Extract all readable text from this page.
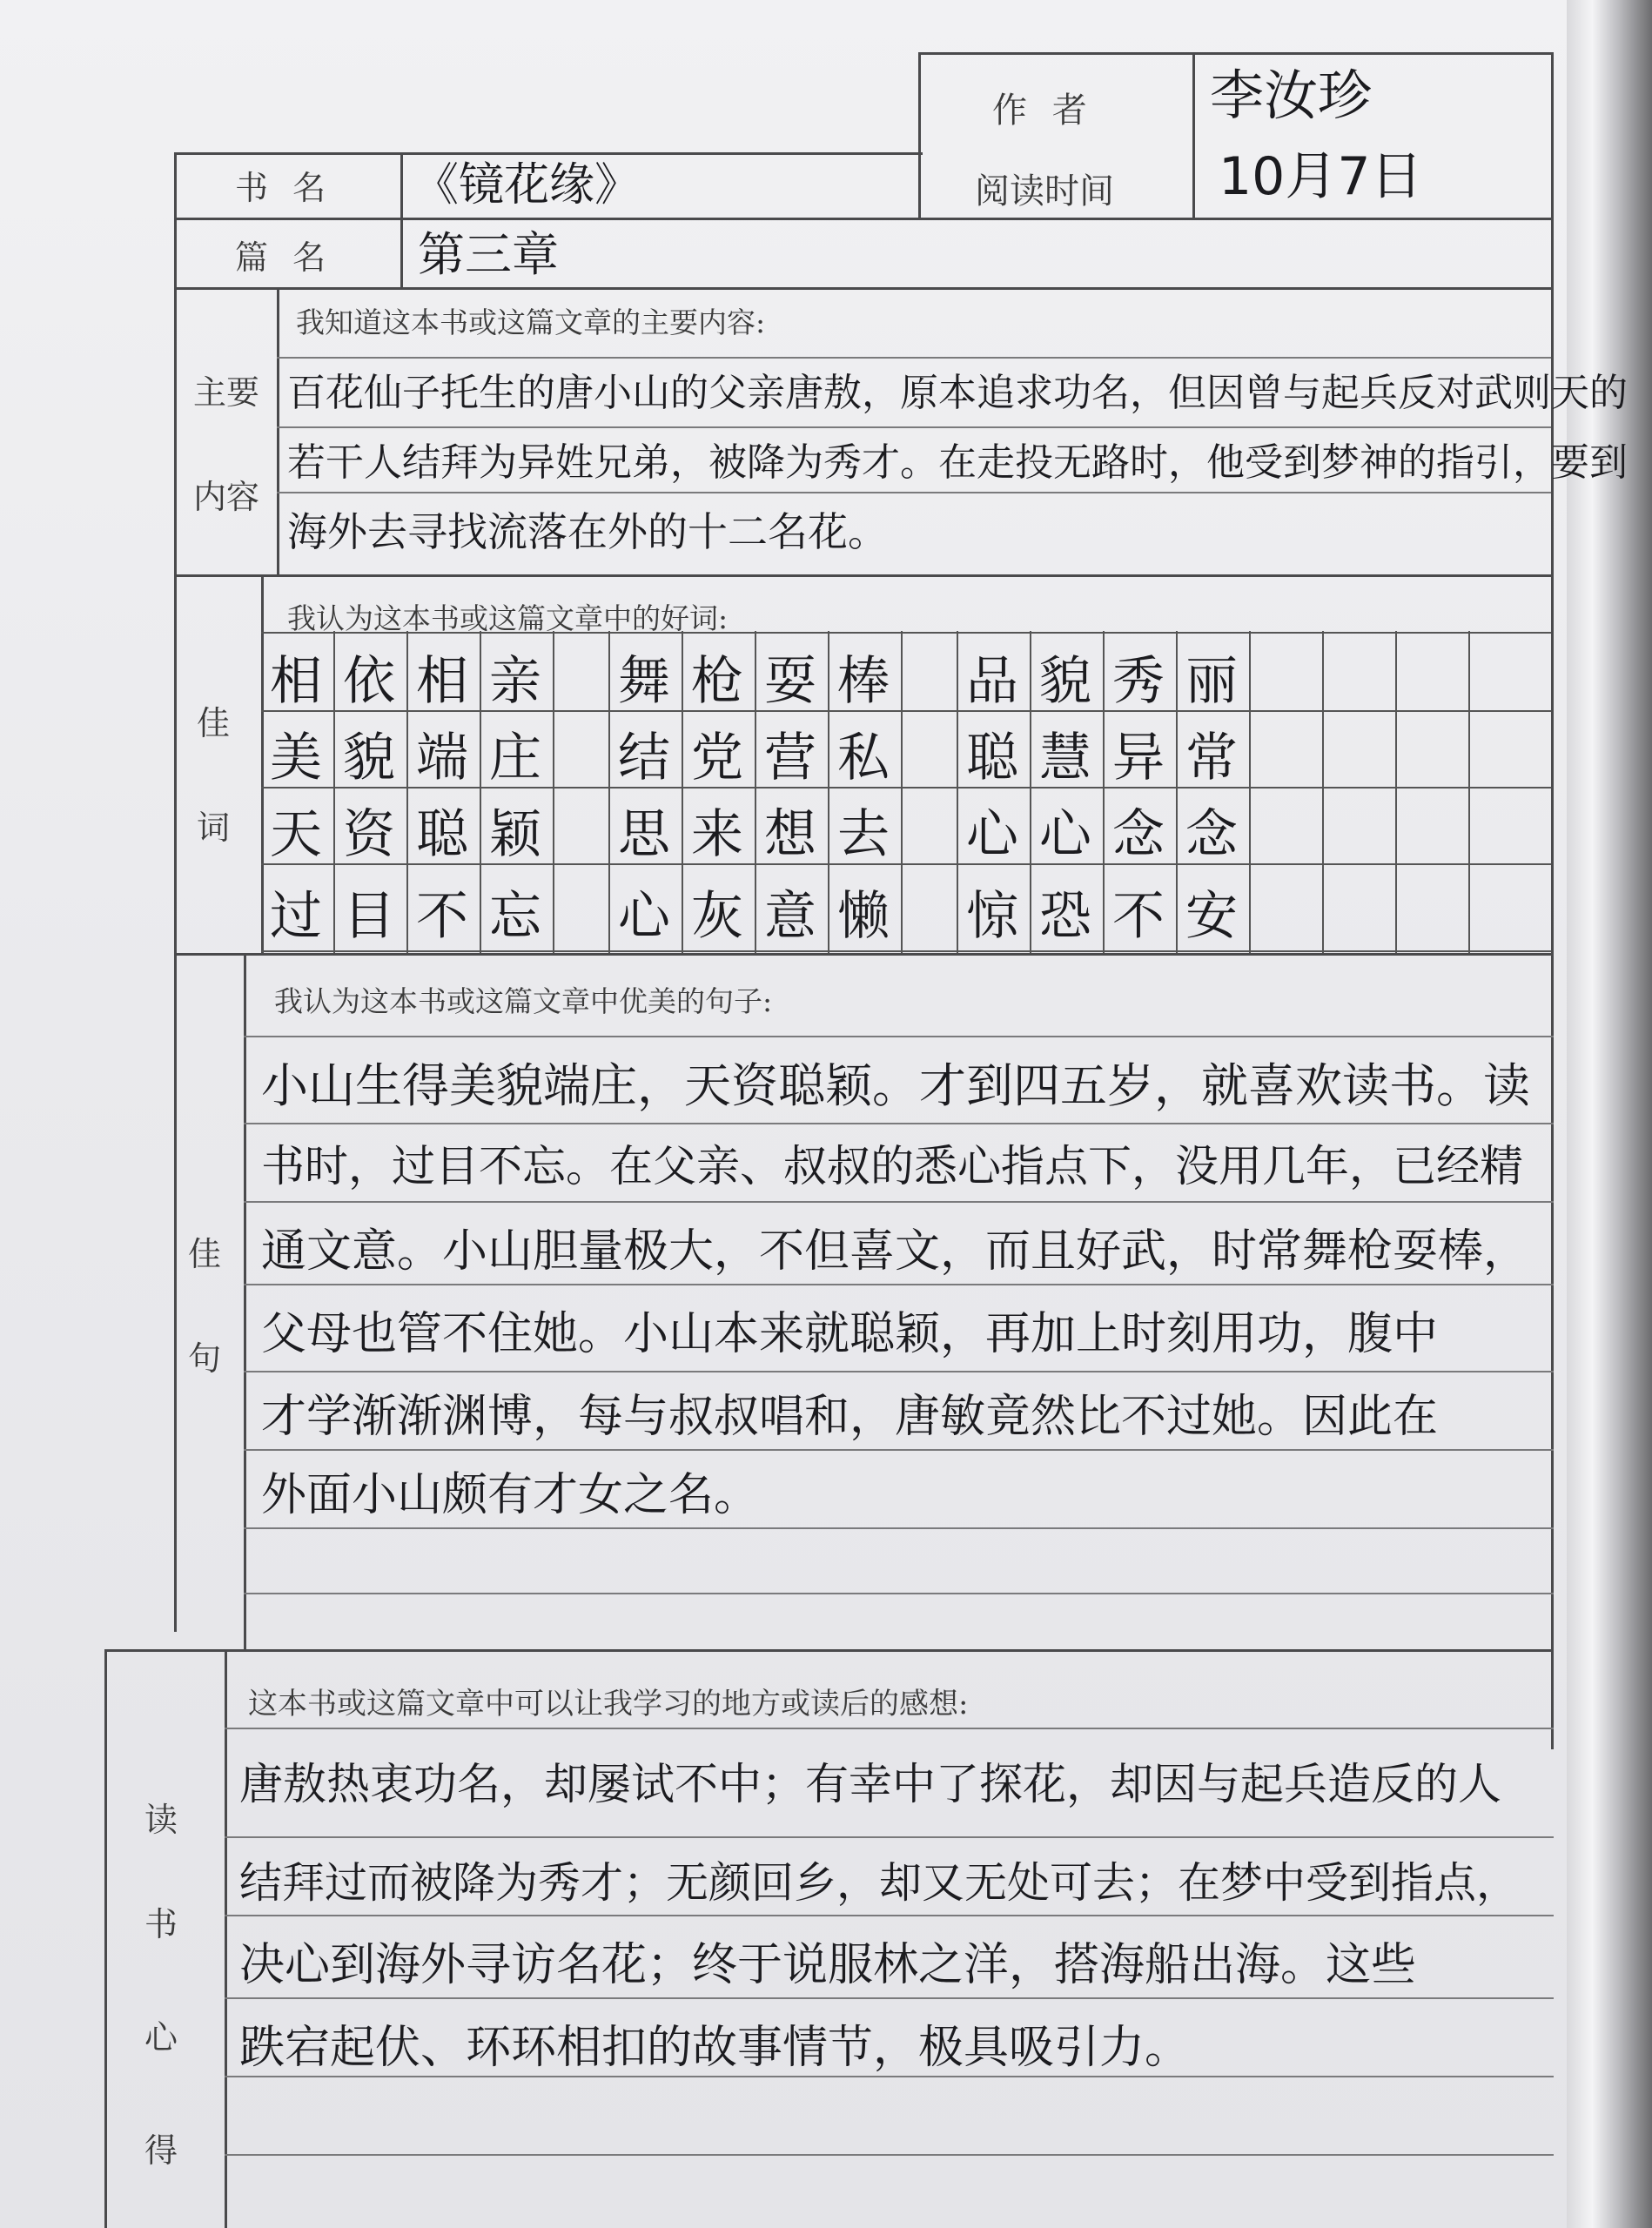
书 名 《镜花缘》
作 者 李汝珍
篇 名 第三章
阅读时间 10月7日
主要
内容
我知道这本书或这篇文章的主要内容:
百花仙子托生的唐小山的父亲唐敖，原本追求功名，但因曾与起兵反对武则天的
若干人结拜为异姓兄弟，被降为秀才。在走投无路时，他受到梦神的指引，要到
海外去寻找流落在外的十二名花。
佳
词
我认为这本书或这篇文章中的好词:
相依相亲
美貌端庄
天资聪颖
过目不忘
舞枪耍棒
结党营私
思来想去
心灰意懒
品貌秀丽
聪慧异常
心心念念
惊恐不安
佳
句
我认为这本书或这篇文章中优美的句子:
小山生得美貌端庄，天资聪颖。才到四五岁，就喜欢读书。读
书时，过目不忘。在父亲、叔叔的悉心指点下，没用几年，已经精
通文意。小山胆量极大，不但喜文，而且好武，时常舞枪耍棒，
父母也管不住她。小山本来就聪颖，再加上时刻用功，腹中
才学渐渐渊博，每与叔叔唱和，唐敏竟然比不过她。因此在
外面小山颇有才女之名。
读
书
心
得
这本书或这篇文章中可以让我学习的地方或读后的感想:
唐敖热衷功名，却屡试不中；有幸中了探花，却因与起兵造反的人
结拜过而被降为秀才；无颜回乡，却又无处可去；在梦中受到指点，
决心到海外寻访名花；终于说服林之洋，搭海船出海。这些
跌宕起伏、环环相扣的故事情节，极具吸引力。
